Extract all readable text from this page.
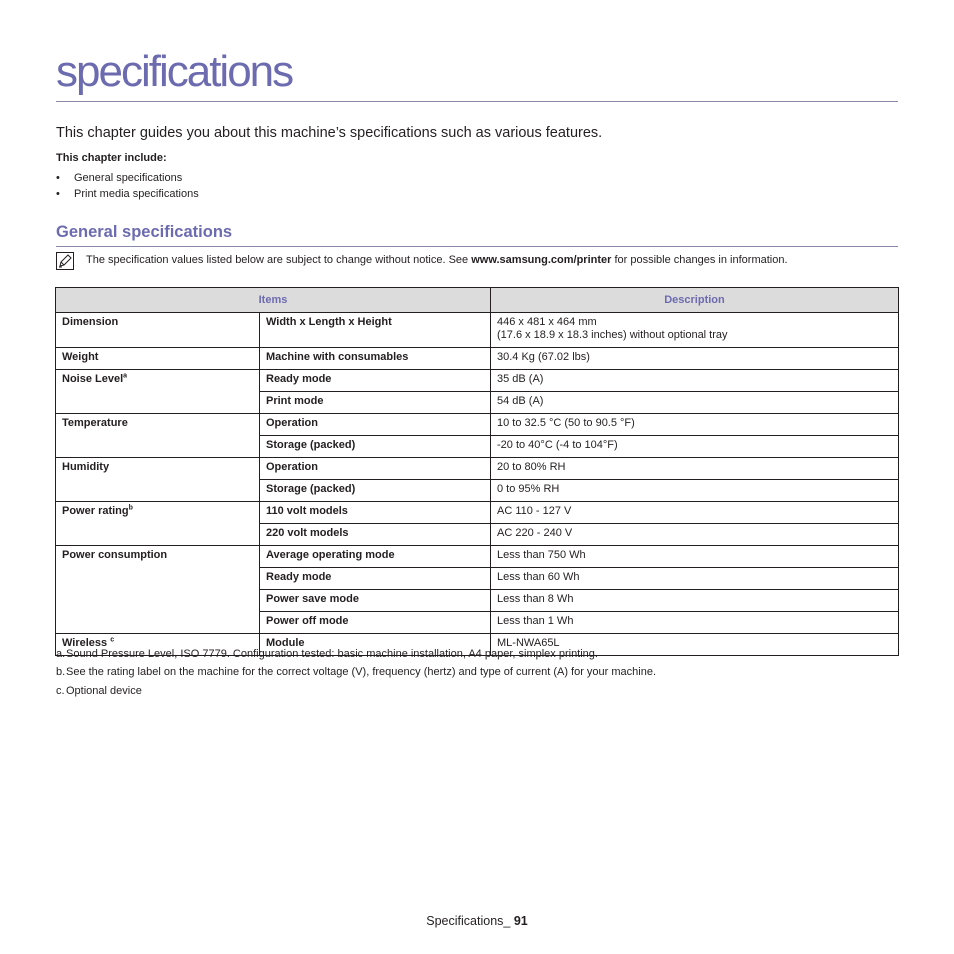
specifications
This chapter guides you about this machine’s specifications such as various features.
This chapter include:
• General specifications
• Print media specifications
General specifications
The specification values listed below are subject to change without notice. See www.samsung.com/printer for possible changes in information.
Items		Description
Dimension	Width x Length x Height	446 x 481 x 464 mm
(17.6 x 18.9 x 18.3 inches) without optional tray
Weight	Machine with consumables	30.4 Kg (67.02 lbs)
Noise Level$^a$	Ready mode	35 dB (A)
	Print mode	54 dB (A)
Temperature	Operation	10 to 32.5 °C (50 to 90.5 °F)
	Storage (packed)	-20 to 40°C (-4 to 104°F)
Humidity	Operation	20 to 80% RH
	Storage (packed)	0 to 95% RH
Power rating$^b$	110 volt models	AC 110 - 127 V
	220 volt models	AC 220 - 240 V
Power consumption	Average operating mode	Less than 750 Wh
	Ready mode	Less than 60 Wh
	Power save mode	Less than 8 Wh
	Power off mode	Less than 1 Wh
Wireless $^c$	Module	ML-NWA65L
a.Sound Pressure Level, ISO 7779. Configuration tested: basic machine installation, A4 paper, simplex printing.
b.See the rating label on the machine for the correct voltage (V), frequency (hertz) and type of current (A) for your machine.
c.Optional device
Specifications_ 91
